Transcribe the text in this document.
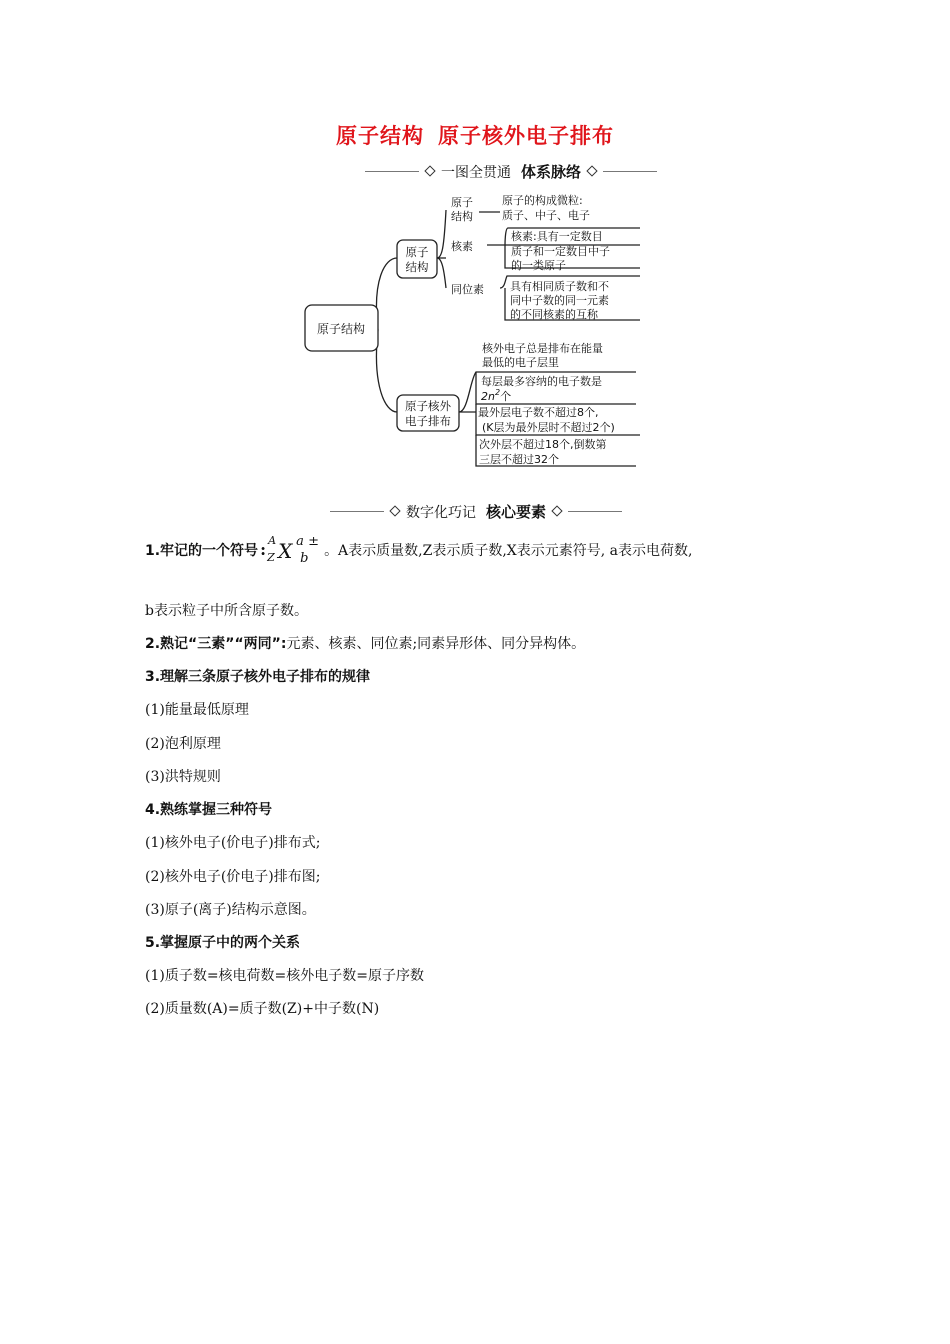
原子结构 原子核外电子排布
一图全贯通 体系脉络
原子结构
原子
结构
原子核外
电子排布
原子
结构
原子的构成微粒:
质子、中子、电子
核素
核素:具有一定数目
质子和一定数目中子
的一类原子
同位素 具有相同质子数和不
同中子数的同一元素
的不同核素的互称
核外电子总是排布在能量
最低的电子层里
每层最多容纳的电子数是
$2n^2$个
最外层电子数不超过8个,
(K层为最外层时不超过2个)
次外层不超过18个,倒数第
三层不超过32个
数字化巧记 核心要素
1.牢记的一个符号 : A
Z X a ±
b 。A表示质量数,Z表示质子数,X表示元素符号, a表示电荷数,
b表示粒子中所含原子数。
2.熟记“三素”“两同”:元素、核素、同位素;同素异形体、同分异构体。
3.理解三条原子核外电子排布的规律
(1)能量最低原理
(2)泡利原理
(3)洪特规则
4.熟练掌握三种符号
(1)核外电子(价电子)排布式;
(2)核外电子(价电子)排布图;
(3)原子(离子)结构示意图。
5.掌握原子中的两个关系
(1)质子数=核电荷数=核外电子数=原子序数
(2)质量数(A)=质子数(Z)+中子数(N)
